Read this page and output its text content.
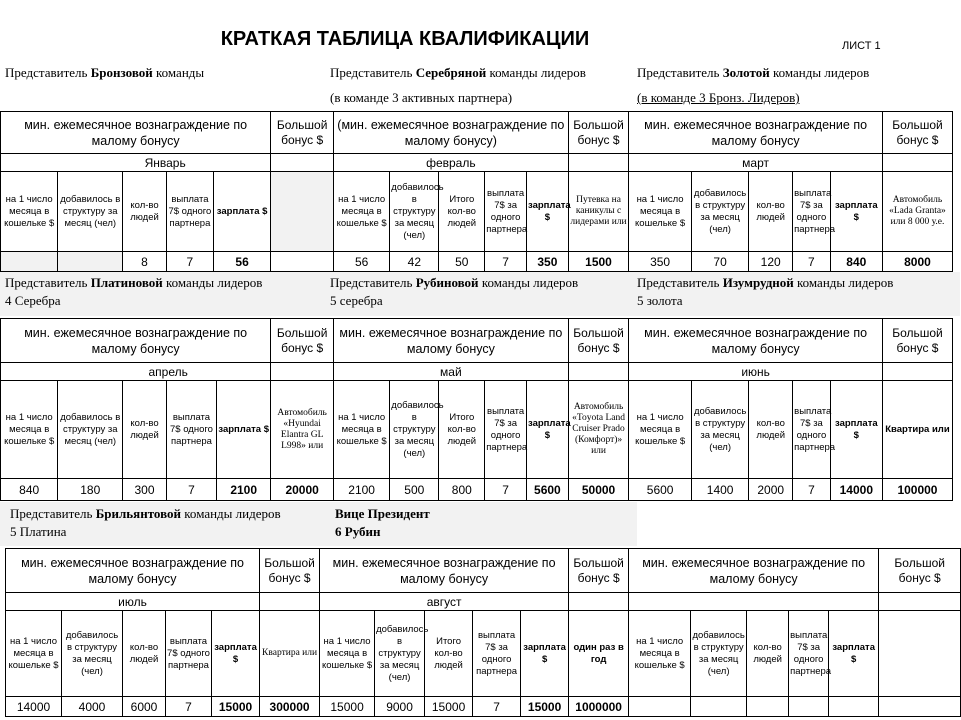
КРАТКАЯ ТАБЛИЦА КВАЛИФИКАЦИИ	ЛИСТ 1
Представитель Бронзовой команды	Представитель Серебряной команды лидеров
(в команде 3 активных партнера)
Представитель Золотой команды лидеров
(в команде 3 Бронз. Лидеров)
мин. ежемесячное вознаграждение по малому бонусу					Большой бонус $	(мин. ежемесячное вознаграждение по малому бонусу)					Большой бонус $	мин. ежемесячное вознаграждение по малому бонусу					Большой бонус $
Январь						февраль						март					
на 1 число месяца в кошельке $	добавилось в структуру за месяц (чел)	кол-во людей	выплата 7$ одного партнера	зарплата $		на 1 число месяца в кошельке $	добавилось в структуру за месяц (чел)	Итого кол-во людей	выплата 7$ за одного партнера	зарплата $	Путевка на каникулы с лидерами или	на 1 число месяца в кошельке $	добавилось в структуру за месяц (чел)	кол-во людей	выплата 7$ за одного партнера	зарплата $	Автомобиль «Lada Granta» или 8 000 у.е.
		8	7	56		56	42	50	7	350	1500	350	70	120	7	840	8000
Представитель Платиновой команды лидеров
4 Серебра
Представитель Рубиновой команды лидеров
5 серебра
Представитель Изумрудной команды лидеров
5 золота
мин. ежемесячное вознаграждение по малому бонусу					Большой бонус $	мин. ежемесячное вознаграждение по малому бонусу					Большой бонус $	мин. ежемесячное вознаграждение по малому бонусу					Большой бонус $
апрель						май						июнь					
на 1 число месяца в кошельке $	добавилось в структуру за месяц (чел)	кол-во людей	выплата 7$ одного партнера	зарплата $	Автомобиль «Hyundai Elantra GL L998» или	на 1 число месяца в кошельке $	добавилось в структуру за месяц (чел)	Итого кол-во людей	выплата 7$ за одного партнера	зарплата $	Автомобиль «Toyota Land Cruiser Prado (Комфорт)» или	на 1 число месяца в кошельке $	добавилось в структуру за месяц (чел)	кол-во людей	выплата 7$ за одного партнера	зарплата $	Квартира или
840	180	300	7	2100	20000	2100	500	800	7	5600	50000	5600	1400	2000	7	14000	100000
Представитель Брильянтовой команды лидеров
5 Платина
Вице Президент
6 Рубин
мин. ежемесячное вознаграждение по малому бонусу					Большой бонус $	мин. ежемесячное вознаграждение по малому бонусу					Большой бонус $	мин. ежемесячное вознаграждение по малому бонусу					Большой бонус $
июль						август											
на 1 число месяца в кошельке $	добавилось в структуру за месяц (чел)	кол-во людей	выплата 7$ одного партнера	зарплата $	Квартира или	на 1 число месяца в кошельке $	добавилось в структуру за месяц (чел)	Итого кол-во людей	выплата 7$ за одного партнера	зарплата $	один раз в год	на 1 число месяца в кошельке $	добавилось в структуру за месяц (чел)	кол-во людей	выплата 7$ за одного партнера	зарплата $	
14000	4000	6000	7	15000	300000	15000	9000	15000	7	15000	1000000						
